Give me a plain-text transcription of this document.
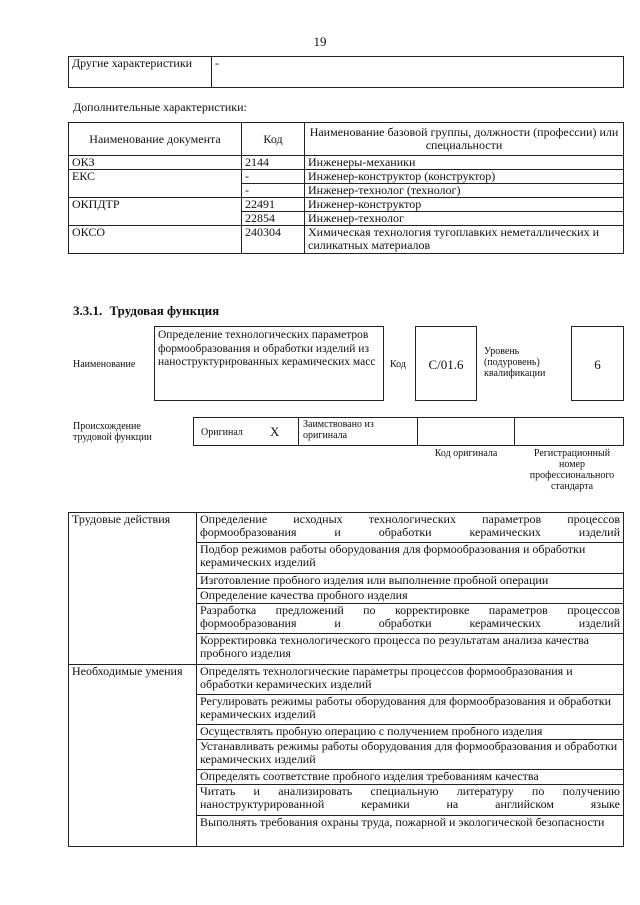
19
Другие характеристики	-
Дополнительные характеристики:
Наименование документа	Код	Наименование базовой группы, должности (профессии) или специальности
ОКЗ	2144	Инженеры-механики
ЕКС	-	Инженер-конструктор (конструктор)
	-	Инженер-технолог (технолог)
ОКПДТР	22491	Инженер-конструктор
	22854	Инженер-технолог
ОКСО	240304	Химическая технология тугоплавких неметаллических и силикатных материалов
3.3.1. Трудовая функция
Наименование
Определение технологических параметров формообразования и обработки изделий из наноструктурированных керамических масс	Код	С/01.6
Уровень (подуровень) квалификации
6
Происхождение трудовой функции	Оригинал X Заимствовано из оригинала
Код оригинала	Регистрационный номер профессионального стандарта
Трудовые действия	Определение исходных технологических параметров процессов формообразования и обработки керамических изделий
	Подбор режимов работы оборудования для формообразования и обработки керамических изделий
	Изготовление пробного изделия или выполнение пробной операции
	Определение качества пробного изделия
	Разработка предложений по корректировке параметров процессов формообразования и обработки керамических изделий
	Корректировка технологического процесса по результатам анализа качества пробного изделия
Необходимые умения	Определять технологические параметры процессов формообразования и обработки керамических изделий
	Регулировать режимы работы оборудования для формообразования и обработки керамических изделий
	Осуществлять пробную операцию с получением пробного изделия
	Устанавливать режимы работы оборудования для формообразования и обработки керамических изделий
	Определять соответствие пробного изделия требованиям качества
	Читать и анализировать специальную литературу по получению наноструктурированной керамики на английском языке
	Выполнять требования охраны труда, пожарной и экологической безопасности
